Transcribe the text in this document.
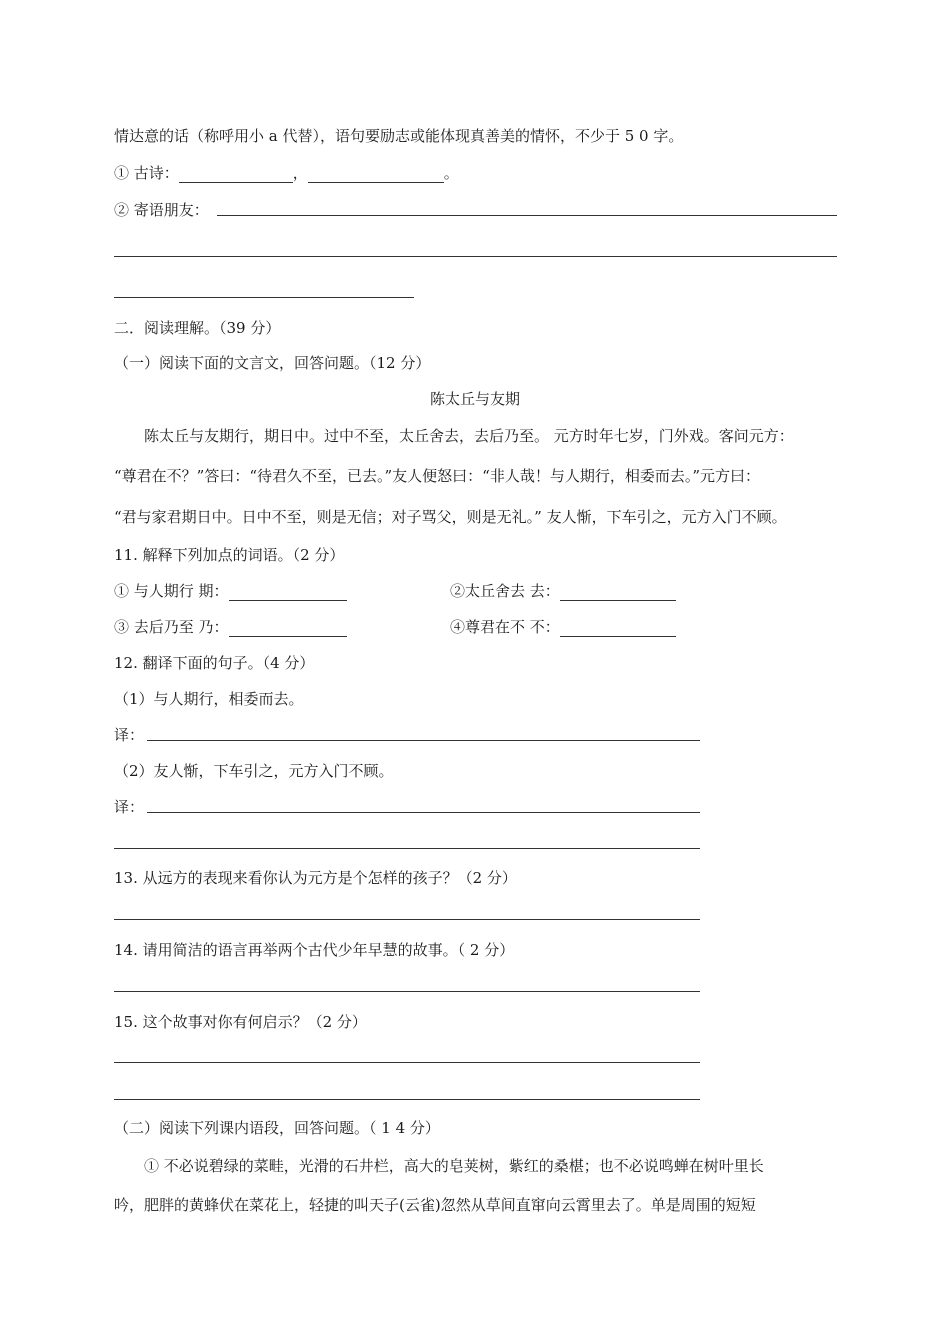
情达意的话（称呼用小 a 代替），语句要励志或能体现真善美的情怀，不少于 5 0 字。
① 古诗：	，	。
② 寄语朋友：
二．阅读理解。（39 分）
（一）阅读下面的文言文，回答问题。（12 分）
陈太丘与友期
陈太丘与友期行，期日中。过中不至，太丘舍去，去后乃至。 元方时年七岁，门外戏。客问元方：
“尊君在不？”答曰：“待君久不至，已去。”友人便怒曰：“非人哉！与人期行，相委而去。”元方曰：
“君与家君期日中。日中不至，则是无信；对子骂父，则是无礼。” 友人惭，下车引之，元方入门不顾。
11. 解释下列加点的词语。（2 分）
① 与人期行 期：	②太丘舍去 去：
③ 去后乃至 乃：	④尊君在不 不：
12. 翻译下面的句子。（4 分）
（1）与人期行，相委而去。
译：
（2）友人惭，下车引之，元方入门不顾。
译：
13. 从远方的表现来看你认为元方是个怎样的孩子？（2 分）
14. 请用简洁的语言再举两个古代少年早慧的故事。（ 2 分）
15. 这个故事对你有何启示？（2 分）
（二）阅读下列课内语段，回答问题。（ 1 4 分）
① 不必说碧绿的菜畦，光滑的石井栏，高大的皂荚树，紫红的桑椹；也不必说鸣蝉在树叶里长
吟，肥胖的黄蜂伏在菜花上，轻捷的叫天子(云雀)忽然从草间直窜向云霄里去了。单是周围的短短
